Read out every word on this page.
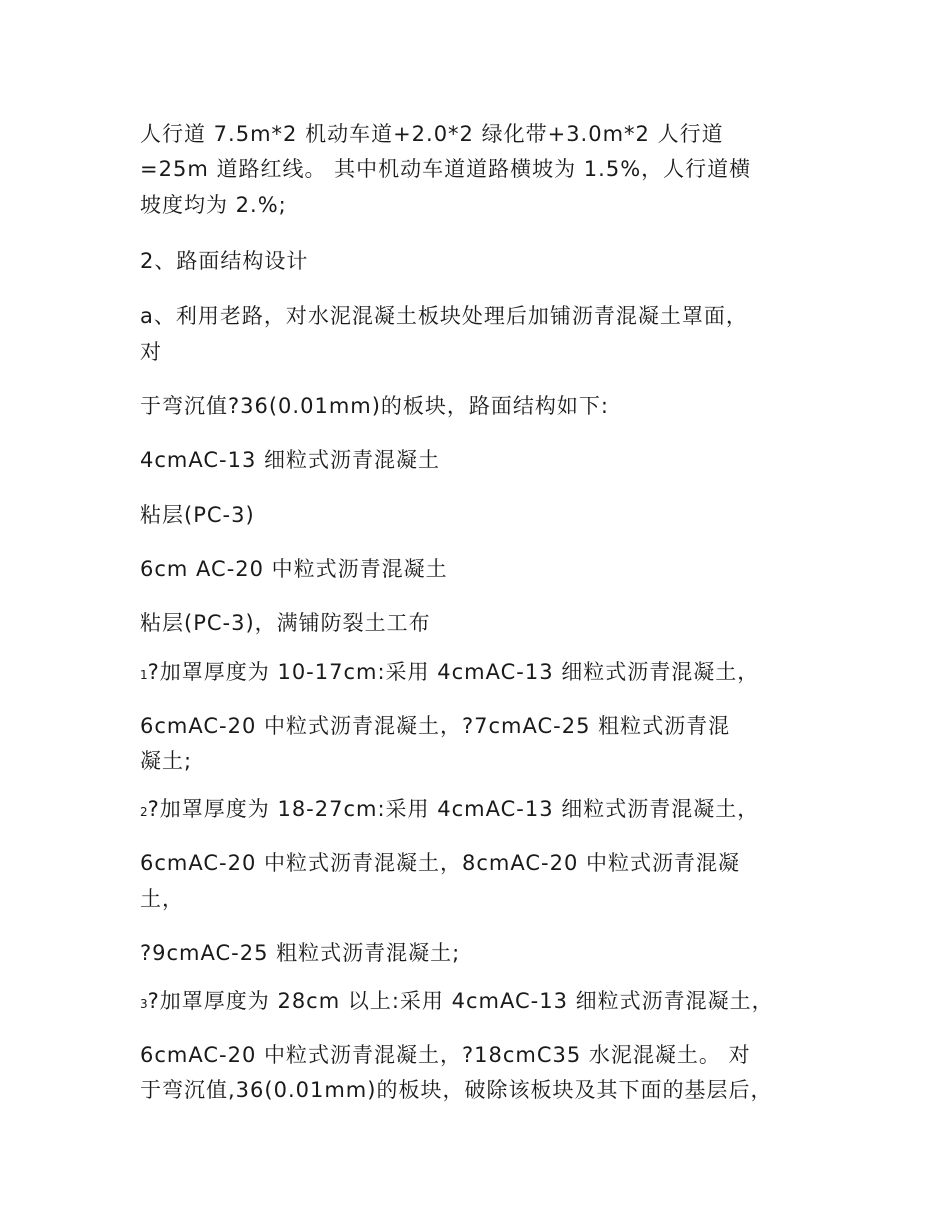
人行道 7.5m*2 机动车道+2.0*2 绿化带+3.0m*2 人行道
=25m 道路红线。 其中机动车道道路横坡为 1.5%，人行道横
坡度均为 2.%;
2、路面结构设计
a、利用老路，对水泥混凝土板块处理后加铺沥青混凝土罩面，
对
于弯沉值?36(0.01mm)的板块，路面结构如下:
4cmAC-13 细粒式沥青混凝土
粘层(PC-3)
6cm AC-20 中粒式沥青混凝土
粘层(PC-3)，满铺防裂土工布
1?加罩厚度为 10-17cm:采用 4cmAC-13 细粒式沥青混凝土，
6cmAC-20 中粒式沥青混凝土，?7cmAC-25 粗粒式沥青混
凝土;
2?加罩厚度为 18-27cm:采用 4cmAC-13 细粒式沥青混凝土，
6cmAC-20 中粒式沥青混凝土，8cmAC-20 中粒式沥青混凝
土，
?9cmAC-25 粗粒式沥青混凝土;
3?加罩厚度为 28cm 以上:采用 4cmAC-13 细粒式沥青混凝土，
6cmAC-20 中粒式沥青混凝土，?18cmC35 水泥混凝土。 对
于弯沉值,36(0.01mm)的板块，破除该板块及其下面的基层后，
